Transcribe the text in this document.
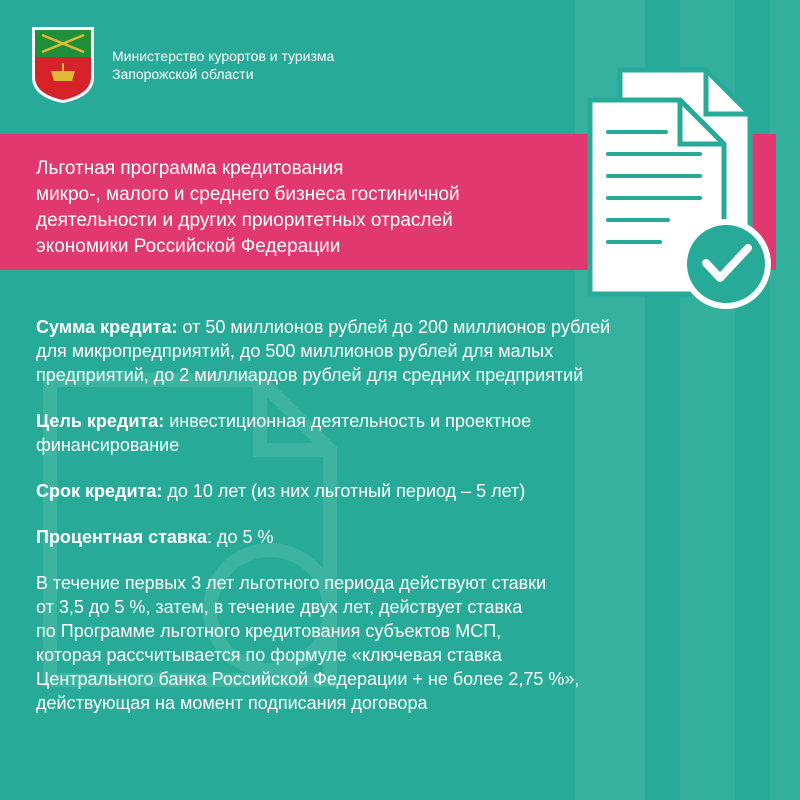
Министерство курортов и туризма
Запорожской области
Льготная программа кредитования
микро-, малого и среднего бизнеса гостиничной
деятельности и других приоритетных отраслей
экономики Российской Федерации

Сумма кредита: от 50 миллионов рублей до 200 миллионов рублей
для микропредприятий, до 500 миллионов рублей для малых
предприятий, до 2 миллиардов рублей для средних предприятий

Цель кредита: инвестиционная деятельность и проектное
финансирование

Срок кредита: до 10 лет (из них льготный период – 5 лет)

Процентная ставка: до 5 %

В течение первых 3 лет льготного периода действуют ставки
от 3,5 до 5 %, затем, в течение двух лет, действует ставка
по Программе льготного кредитования субъектов МСП,
которая рассчитывается по формуле «ключевая ставка
Центрального банка Российской Федерации + не более 2,75 %»,
действующая на момент подписания договора
